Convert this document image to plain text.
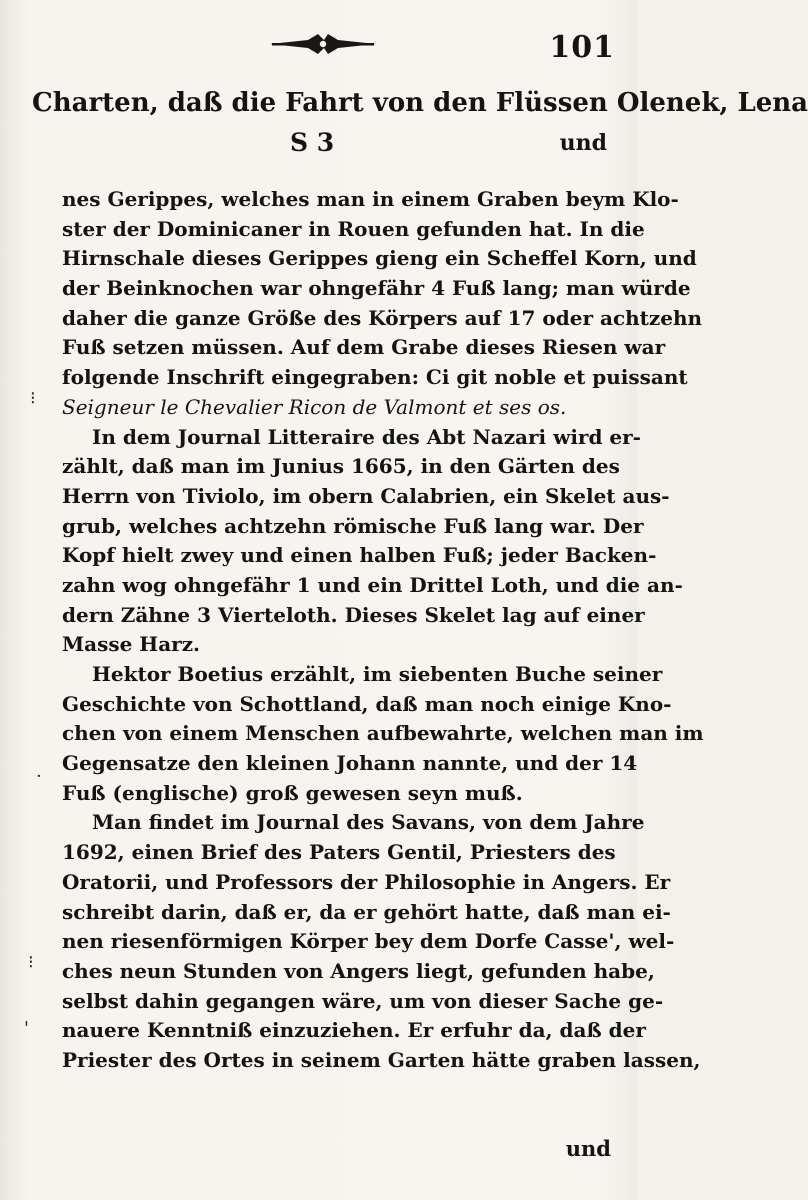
101
Charten, daß die Fahrt von den Flüssen Olenek, Lena
S 3	und
⁝
·
⁝
'
nes Gerippes, welches man in einem Graben beym Klo-
ster der Dominicaner in Rouen gefunden hat. In die
Hirnschale dieses Gerippes gieng ein Scheffel Korn, und
der Beinknochen war ohngefähr 4 Fuß lang; man würde
daher die ganze Größe des Körpers auf 17 oder achtzehn
Fuß setzen müssen. Auf dem Grabe dieses Riesen war
folgende Inschrift eingegraben: Ci git noble et puissant
Seigneur le Chevalier Ricon de Valmont et ses os.
In dem Journal Litteraire des Abt Nazari wird er-
zählt, daß man im Junius 1665, in den Gärten des
Herrn von Tiviolo, im obern Calabrien, ein Skelet aus-
grub, welches achtzehn römische Fuß lang war. Der
Kopf hielt zwey und einen halben Fuß; jeder Backen-
zahn wog ohngefähr 1 und ein Drittel Loth, und die an-
dern Zähne 3 Vierteloth. Dieses Skelet lag auf einer
Masse Harz.
Hektor Boetius erzählt, im siebenten Buche seiner
Geschichte von Schottland, daß man noch einige Kno-
chen von einem Menschen aufbewahrte, welchen man im
Gegensatze den kleinen Johann nannte, und der 14
Fuß (englische) groß gewesen seyn muß.
Man findet im Journal des Savans, von dem Jahre
1692, einen Brief des Paters Gentil, Priesters des
Oratorii, und Professors der Philosophie in Angers. Er
schreibt darin, daß er, da er gehört hatte, daß man ei-
nen riesenförmigen Körper bey dem Dorfe Casse', wel-
ches neun Stunden von Angers liegt, gefunden habe,
selbst dahin gegangen wäre, um von dieser Sache ge-
nauere Kenntniß einzuziehen. Er erfuhr da, daß der
Priester des Ortes in seinem Garten hätte graben lassen,
und
